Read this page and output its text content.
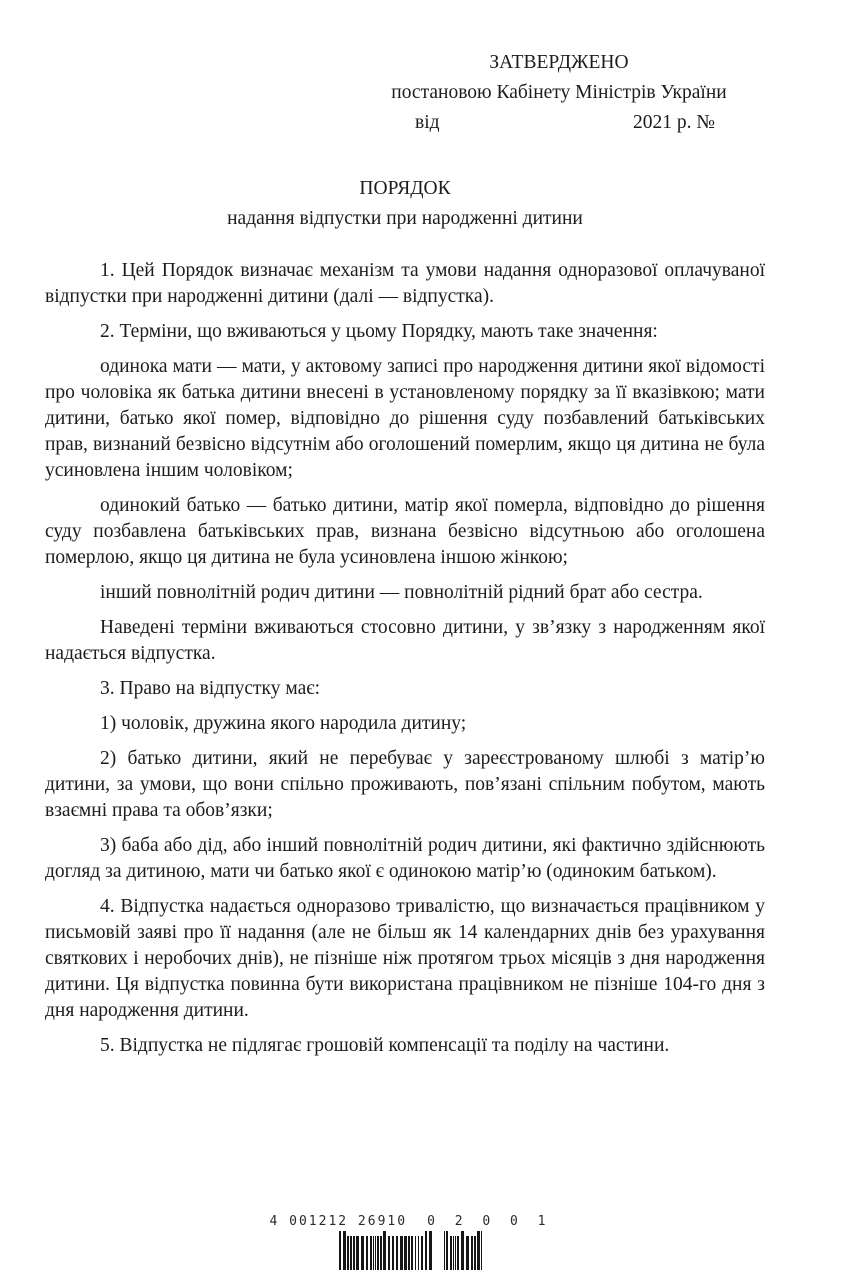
ЗАТВЕРДЖЕНО
постановою Кабінету Міністрів України
від	2021 р. №
ПОРЯДОК
надання відпустки при народженні дитини

1. Цей Порядок визначає механізм та умови надання одноразової оплачуваної відпустки при народженні дитини (далі — відпустка).

2. Терміни, що вживаються у цьому Порядку, мають таке значення:

одинока мати — мати, у актовому записі про народження дитини якої відомості про чоловіка як батька дитини внесені в установленому порядку за її вказівкою; мати дитини, батько якої помер, відповідно до рішення суду позбавлений батьківських прав, визнаний безвісно відсутнім або оголошений померлим, якщо ця дитина не була усиновлена іншим чоловіком;

одинокий батько — батько дитини, матір якої померла, відповідно до рішення суду позбавлена батьківських прав, визнана безвісно відсутньою або оголошена померлою, якщо ця дитина не була усиновлена іншою жінкою;

інший повнолітній родич дитини — повнолітній рідний брат або сестра.

Наведені терміни вживаються стосовно дитини, у зв’язку з народженням якої надається відпустка.

3. Право на відпустку має:

1) чоловік, дружина якого народила дитину;

2) батько дитини, який не перебуває у зареєстрованому шлюбі з матір’ю дитини, за умови, що вони спільно проживають, пов’язані спільним побутом, мають взаємні права та обов’язки;

3) баба або дід, або інший повнолітній родич дитини, які фактично здійснюють догляд за дитиною, мати чи батько якої є одинокою матір’ю (одиноким батьком).

4. Відпустка надається одноразово тривалістю, що визначається працівником у письмовій заяві про її надання (але не більш як 14 календарних днів без урахування святкових і неробочих днів), не пізніше ніж протягом трьох місяців з дня народження дитини. Ця відпустка повинна бути використана працівником не пізніше 104-го дня з дня народження дитини.

5. Відпустка не підлягає грошовій компенсації та поділу на частини.

4 001212 26910 0 2 0 0 1
